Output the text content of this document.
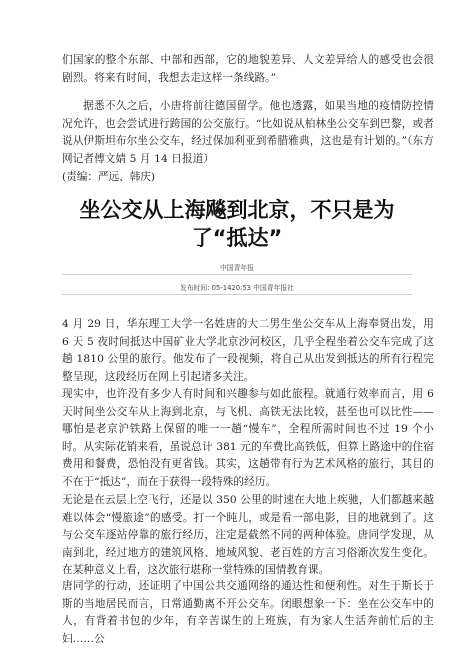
们国家的整个东部、中部和西部，它的地貌差异、人文差异给人的感受也会很剧烈。将来有时间，我想去走这样一条线路。”

据悉不久之后，小唐将前往德国留学。他也透露，如果当地的疫情防控情况允许，也会尝试进行跨国的公交旅行。“比如说从柏林坐公交车到巴黎，或者说从伊斯坦布尔坐公交车，经过保加利亚到希腊雅典，这也是有计划的。”（东方网记者傅文婧 5 月 14 日报道）

(责编：严远、韩庆)

坐公交从上海飚到北京，不只是为了“抵达”
中国青年报
发布时间: 05-1420:53 中国青年报社

4 月 29 日，华东理工大学一名姓唐的大二男生坐公交车从上海奉贤出发，用 6 天 5 夜时间抵达中国矿业大学北京沙河校区，几乎全程坐着公交车完成了这趟 1810 公里的旅行。他发布了一段视频，将自己从出发到抵达的所有行程完整呈现，这段经历在网上引起诸多关注。

现实中，也许没有多少人有时间和兴趣参与如此旅程。就通行效率而言，用 6 天时间坐公交车从上海到北京，与飞机、高铁无法比较，甚至也可以比性——哪怕是老京沪铁路上保留的唯一一趟“慢车”，全程所需时间也不过 19 个小时。从实际花销来看，虽说总计 381 元的车费比高铁低，但算上路途中的住宿费用和餐费，恐怕没有更省钱。其实，这趟带有行为艺术风格的旅行，其目的不在于“抵达”，而在于获得一段特殊的经历。

无论是在云层上空飞行，还是以 350 公里的时速在大地上疾驰，人们都越来越难以体会“慢旅途”的感受。打一个盹儿，或是看一部电影，目的地就到了。这与公交车逐站停靠的旅行经历，注定是截然不同的两种体验。唐同学发现，从南到北，经过地方的建筑风格、地域风貌、老百姓的方言习俗渐次发生变化。在某种意义上看，这次旅行堪称一堂特殊的国情教育课。

唐同学的行动，还证明了中国公共交通网络的通达性和便利性。对生于斯长于斯的当地居民而言，日常通勤离不开公交车。闭眼想象一下：坐在公交车中的人，有背着书包的少年，有辛苦谋生的上班族，有为家人生活奔前忙后的主妇……公
